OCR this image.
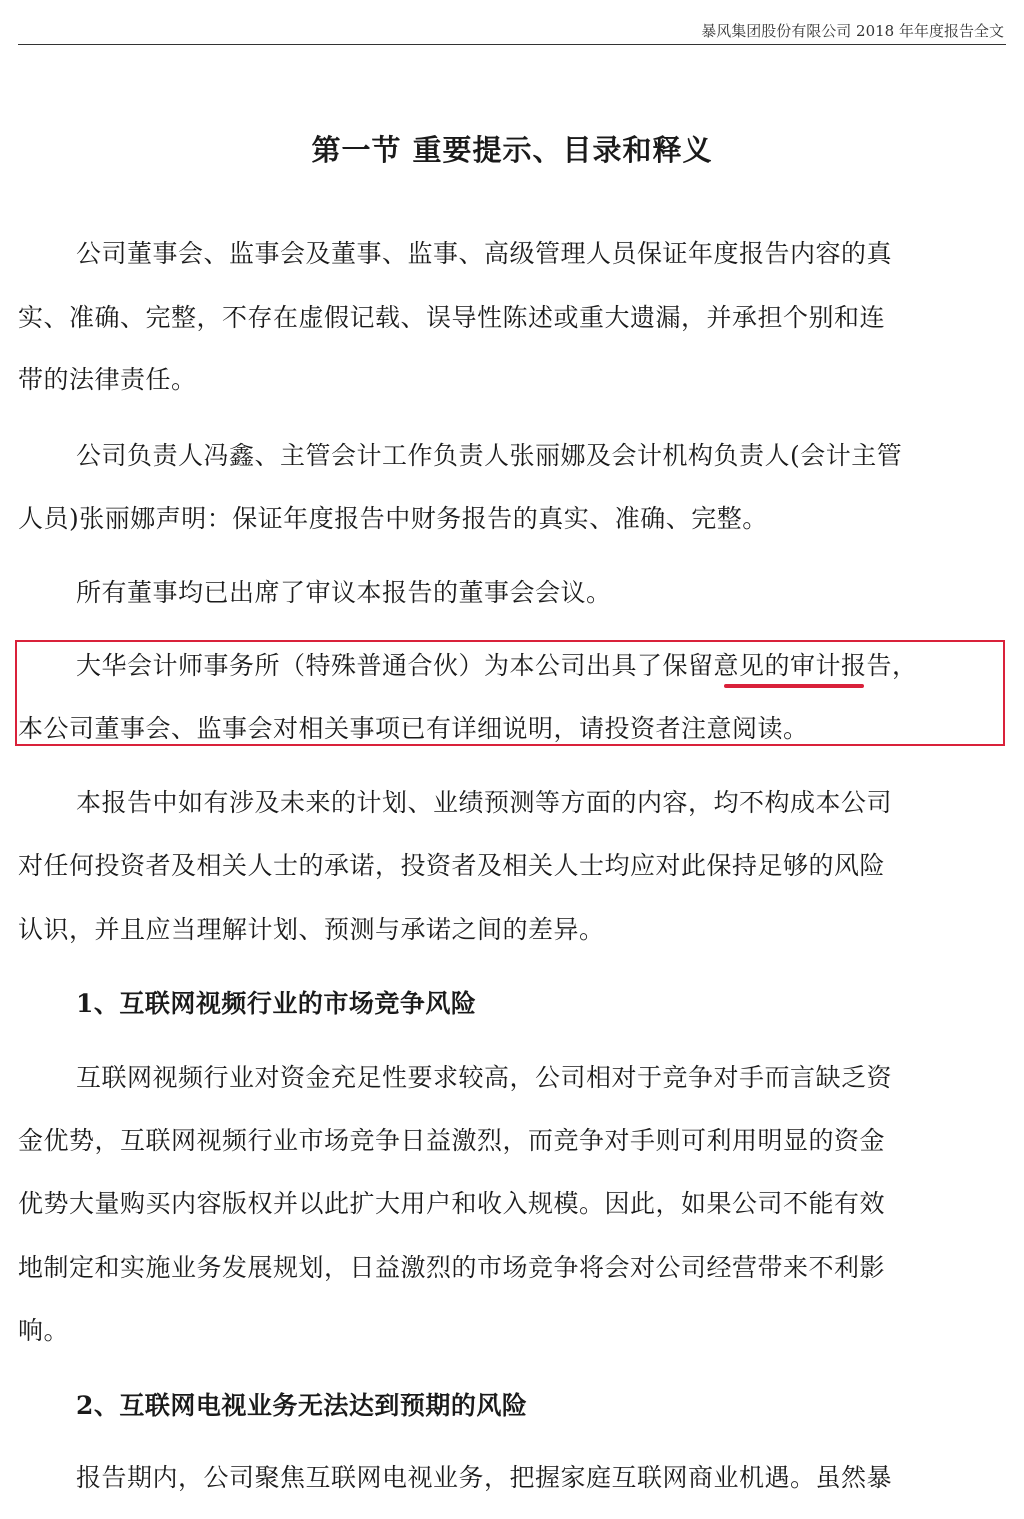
暴风集团股份有限公司 2018 年年度报告全文
第一节 重要提示、目录和释义
公司董事会、监事会及董事、监事、高级管理人员保证年度报告内容的真
实、准确、完整，不存在虚假记载、误导性陈述或重大遗漏，并承担个别和连
带的法律责任。
公司负责人冯鑫、主管会计工作负责人张丽娜及会计机构负责人(会计主管
人员)张丽娜声明：保证年度报告中财务报告的真实、准确、完整。
所有董事均已出席了审议本报告的董事会会议。
大华会计师事务所（特殊普通合伙）为本公司出具了保留意见的审计报告，
本公司董事会、监事会对相关事项已有详细说明，请投资者注意阅读。
本报告中如有涉及未来的计划、业绩预测等方面的内容，均不构成本公司
对任何投资者及相关人士的承诺，投资者及相关人士均应对此保持足够的风险
认识，并且应当理解计划、预测与承诺之间的差异。
1、互联网视频行业的市场竞争风险
互联网视频行业对资金充足性要求较高，公司相对于竞争对手而言缺乏资
金优势，互联网视频行业市场竞争日益激烈，而竞争对手则可利用明显的资金
优势大量购买内容版权并以此扩大用户和收入规模。因此，如果公司不能有效
地制定和实施业务发展规划，日益激烈的市场竞争将会对公司经营带来不利影
响。
2、互联网电视业务无法达到预期的风险
报告期内，公司聚焦互联网电视业务，把握家庭互联网商业机遇。虽然暴
